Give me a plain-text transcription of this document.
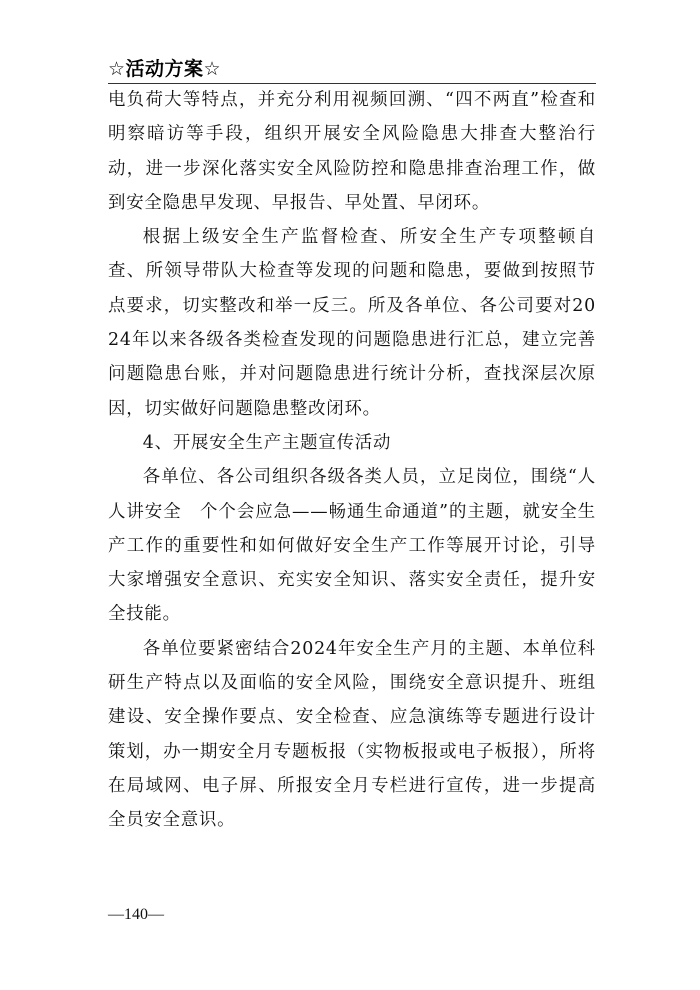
☆活动方案☆

电负荷大等特点，并充分利用视频回溯、“四不两直”检查和明察暗访等手段，组织开展安全风险隐患大排查大整治行动，进一步深化落实安全风险防控和隐患排查治理工作，做到安全隐患早发现、早报告、早处置、早闭环。

根据上级安全生产监督检查、所安全生产专项整顿自查、所领导带队大检查等发现的问题和隐患，要做到按照节点要求，切实整改和举一反三。所及各单位、各公司要对2024年以来各级各类检查发现的问题隐患进行汇总，建立完善问题隐患台账，并对问题隐患进行统计分析，查找深层次原因，切实做好问题隐患整改闭环。

4、开展安全生产主题宣传活动

各单位、各公司组织各级各类人员，立足岗位，围绕“人人讲安全　个个会应急——畅通生命通道”的主题，就安全生产工作的重要性和如何做好安全生产工作等展开讨论，引导大家增强安全意识、充实安全知识、落实安全责任，提升安全技能。

各单位要紧密结合2024年安全生产月的主题、本单位科研生产特点以及面临的安全风险，围绕安全意识提升、班组建设、安全操作要点、安全检查、应急演练等专题进行设计策划，办一期安全月专题板报（实物板报或电子板报），所将在局域网、电子屏、所报安全月专栏进行宣传，进一步提高全员安全意识。

—140—
